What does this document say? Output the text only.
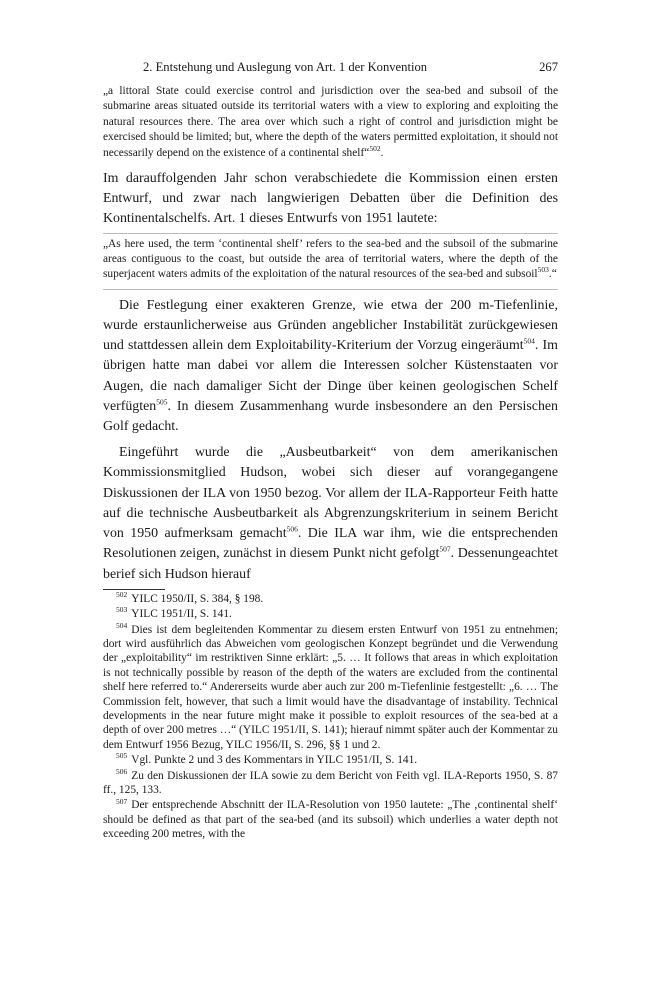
2. Entstehung und Auslegung von Art. 1 der Konvention	267

„a littoral State could exercise control and jurisdiction over the sea-bed and subsoil of the submarine areas situated outside its territorial waters with a view to exploring and exploiting the natural resources there. The area over which such a right of control and jurisdiction might be exercised should be limited; but, where the depth of the waters permitted exploitation, it should not necessarily depend on the existence of a continental shelf“$^{502}$.

Im darauffolgenden Jahr schon verabschiedete die Kommission einen ersten Entwurf, und zwar nach langwierigen Debatten über die Definition des Kontinentalschelfs. Art. 1 dieses Entwurfs von 1951 lautete:

„As here used, the term ‘continental shelf’ refers to the sea-bed and the subsoil of the submarine areas contiguous to the coast, but outside the area of territorial waters, where the depth of the superjacent waters admits of the exploitation of the natural resources of the sea-bed and subsoil$^{503}$.“

Die Festlegung einer exakteren Grenze, wie etwa der 200 m-Tiefenlinie, wurde erstaunlicherweise aus Gründen angeblicher Instabilität zurückgewiesen und stattdessen allein dem Exploitability-Kriterium der Vorzug eingeräumt$^{504}$. Im übrigen hatte man dabei vor allem die Interessen solcher Küstenstaaten vor Augen, die nach damaliger Sicht der Dinge über keinen geologischen Schelf verfügten$^{505}$. In diesem Zusammenhang wurde insbesondere an den Persischen Golf gedacht.

Eingeführt wurde die „Ausbeutbarkeit“ von dem amerikanischen Kommissionsmitglied Hudson, wobei sich dieser auf vorangegangene Diskussionen der ILA von 1950 bezog. Vor allem der ILA-Rapporteur Feith hatte auf die technische Ausbeutbarkeit als Abgrenzungskriterium in seinem Bericht von 1950 aufmerksam gemacht$^{506}$. Die ILA war ihm, wie die entsprechenden Resolutionen zeigen, zunächst in diesem Punkt nicht gefolgt$^{507}$. Dessenungeachtet berief sich Hudson hierauf

$^{502}$ YILC 1950/II, S. 384, § 198.

$^{503}$ YILC 1951/II, S. 141.

$^{504}$ Dies ist dem begleitenden Kommentar zu diesem ersten Entwurf von 1951 zu entnehmen; dort wird ausführlich das Abweichen vom geologischen Konzept begründet und die Verwendung der „exploitability“ im restriktiven Sinne erklärt: „5. … It follows that areas in which exploitation is not technically possible by reason of the depth of the waters are excluded from the continental shelf here referred to.“ Andererseits wurde aber auch zur 200 m-Tiefenlinie festgestellt: „6. … The Commission felt, however, that such a limit would have the disadvantage of instability. Technical developments in the near future might make it possible to exploit resources of the sea-bed at a depth of over 200 metres …“ (YILC 1951/II, S. 141); hierauf nimmt später auch der Kommentar zu dem Entwurf 1956 Bezug, YILC 1956/II, S. 296, §§ 1 und 2.

$^{505}$ Vgl. Punkte 2 und 3 des Kommentars in YILC 1951/II, S. 141.

$^{506}$ Zu den Diskussionen der ILA sowie zu dem Bericht von Feith vgl. ILA-Reports 1950, S. 87 ff., 125, 133.

$^{507}$ Der entsprechende Abschnitt der ILA-Resolution von 1950 lautete: „The ‚continental shelf‘ should be defined as that part of the sea-bed (and its subsoil) which underlies a water depth not exceeding 200 metres, with the
